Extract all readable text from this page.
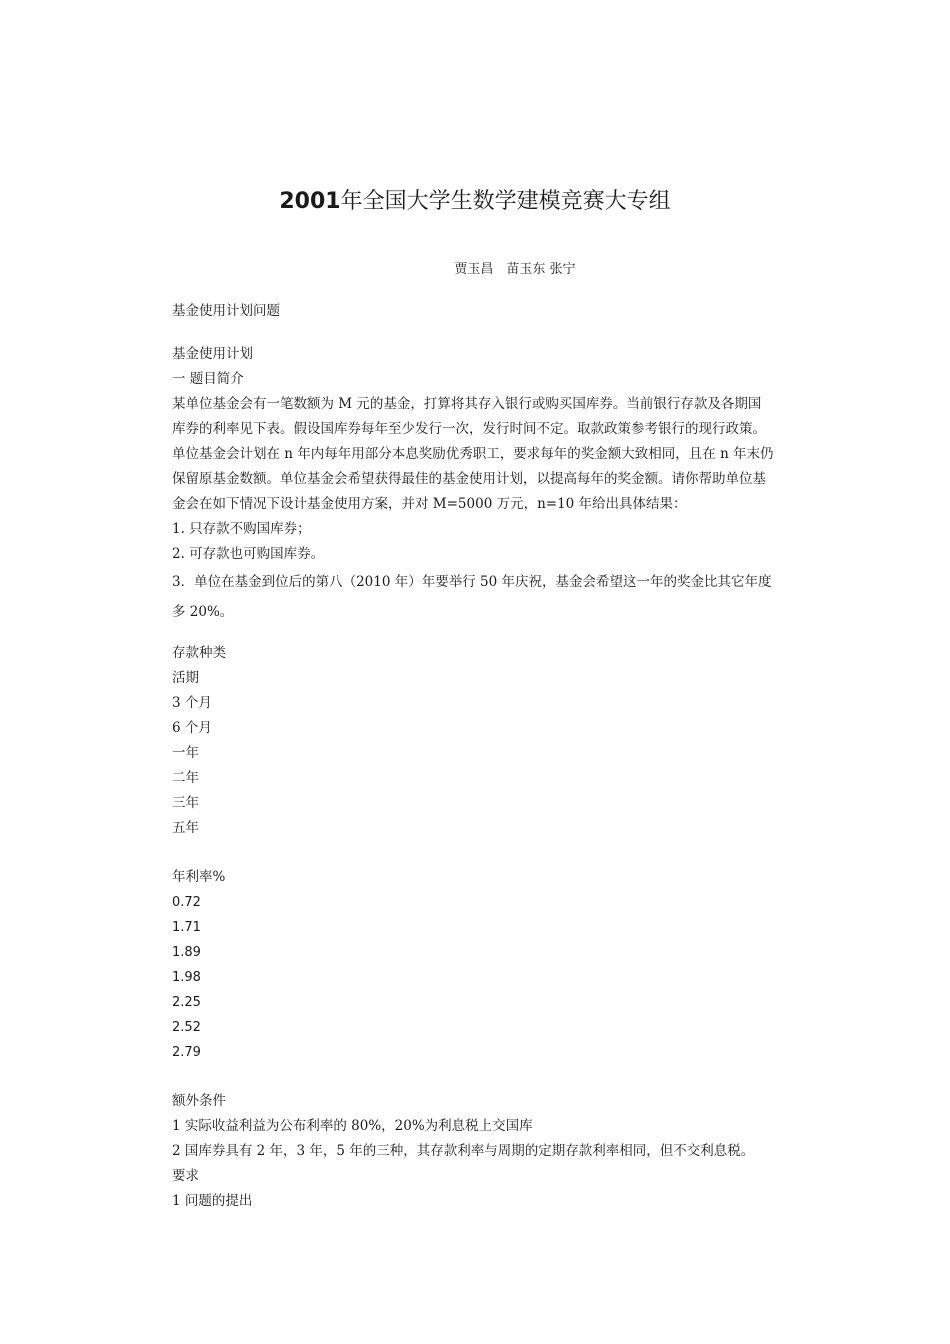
2001年全国大学生数学建模竞赛大专组
贾玉昌　苗玉东 张宁
基金使用计划问题
基金使用计划
一 题目简介
某单位基金会有一笔数额为 M 元的基金，打算将其存入银行或购买国库券。当前银行存款及各期国
库券的利率见下表。假设国库券每年至少发行一次，发行时间不定。取款政策参考银行的现行政策。
单位基金会计划在 n 年内每年用部分本息奖励优秀职工，要求每年的奖金额大致相同，且在 n 年末仍
保留原基金数额。单位基金会希望获得最佳的基金使用计划，以提高每年的奖金额。请你帮助单位基
金会在如下情况下设计基金使用方案，并对 M=5000 万元，n=10 年给出具体结果：
1. 只存款不购国库券；
2. 可存款也可购国库券。
3．单位在基金到位后的第八（2010 年）年要举行 50 年庆祝，基金会希望这一年的奖金比其它年度
多 20%。
存款种类
活期
3 个月
6 个月
一年
二年
三年
五年
年利率%
0.72
1.71
1.89
1.98
2.25
2.52
2.79
额外条件
1 实际收益利益为公布利率的 80%，20%为利息税上交国库
2 国库券具有 2 年，3 年，5 年的三种，其存款利率与周期的定期存款利率相同，但不交利息税。
要求
1 问题的提出
